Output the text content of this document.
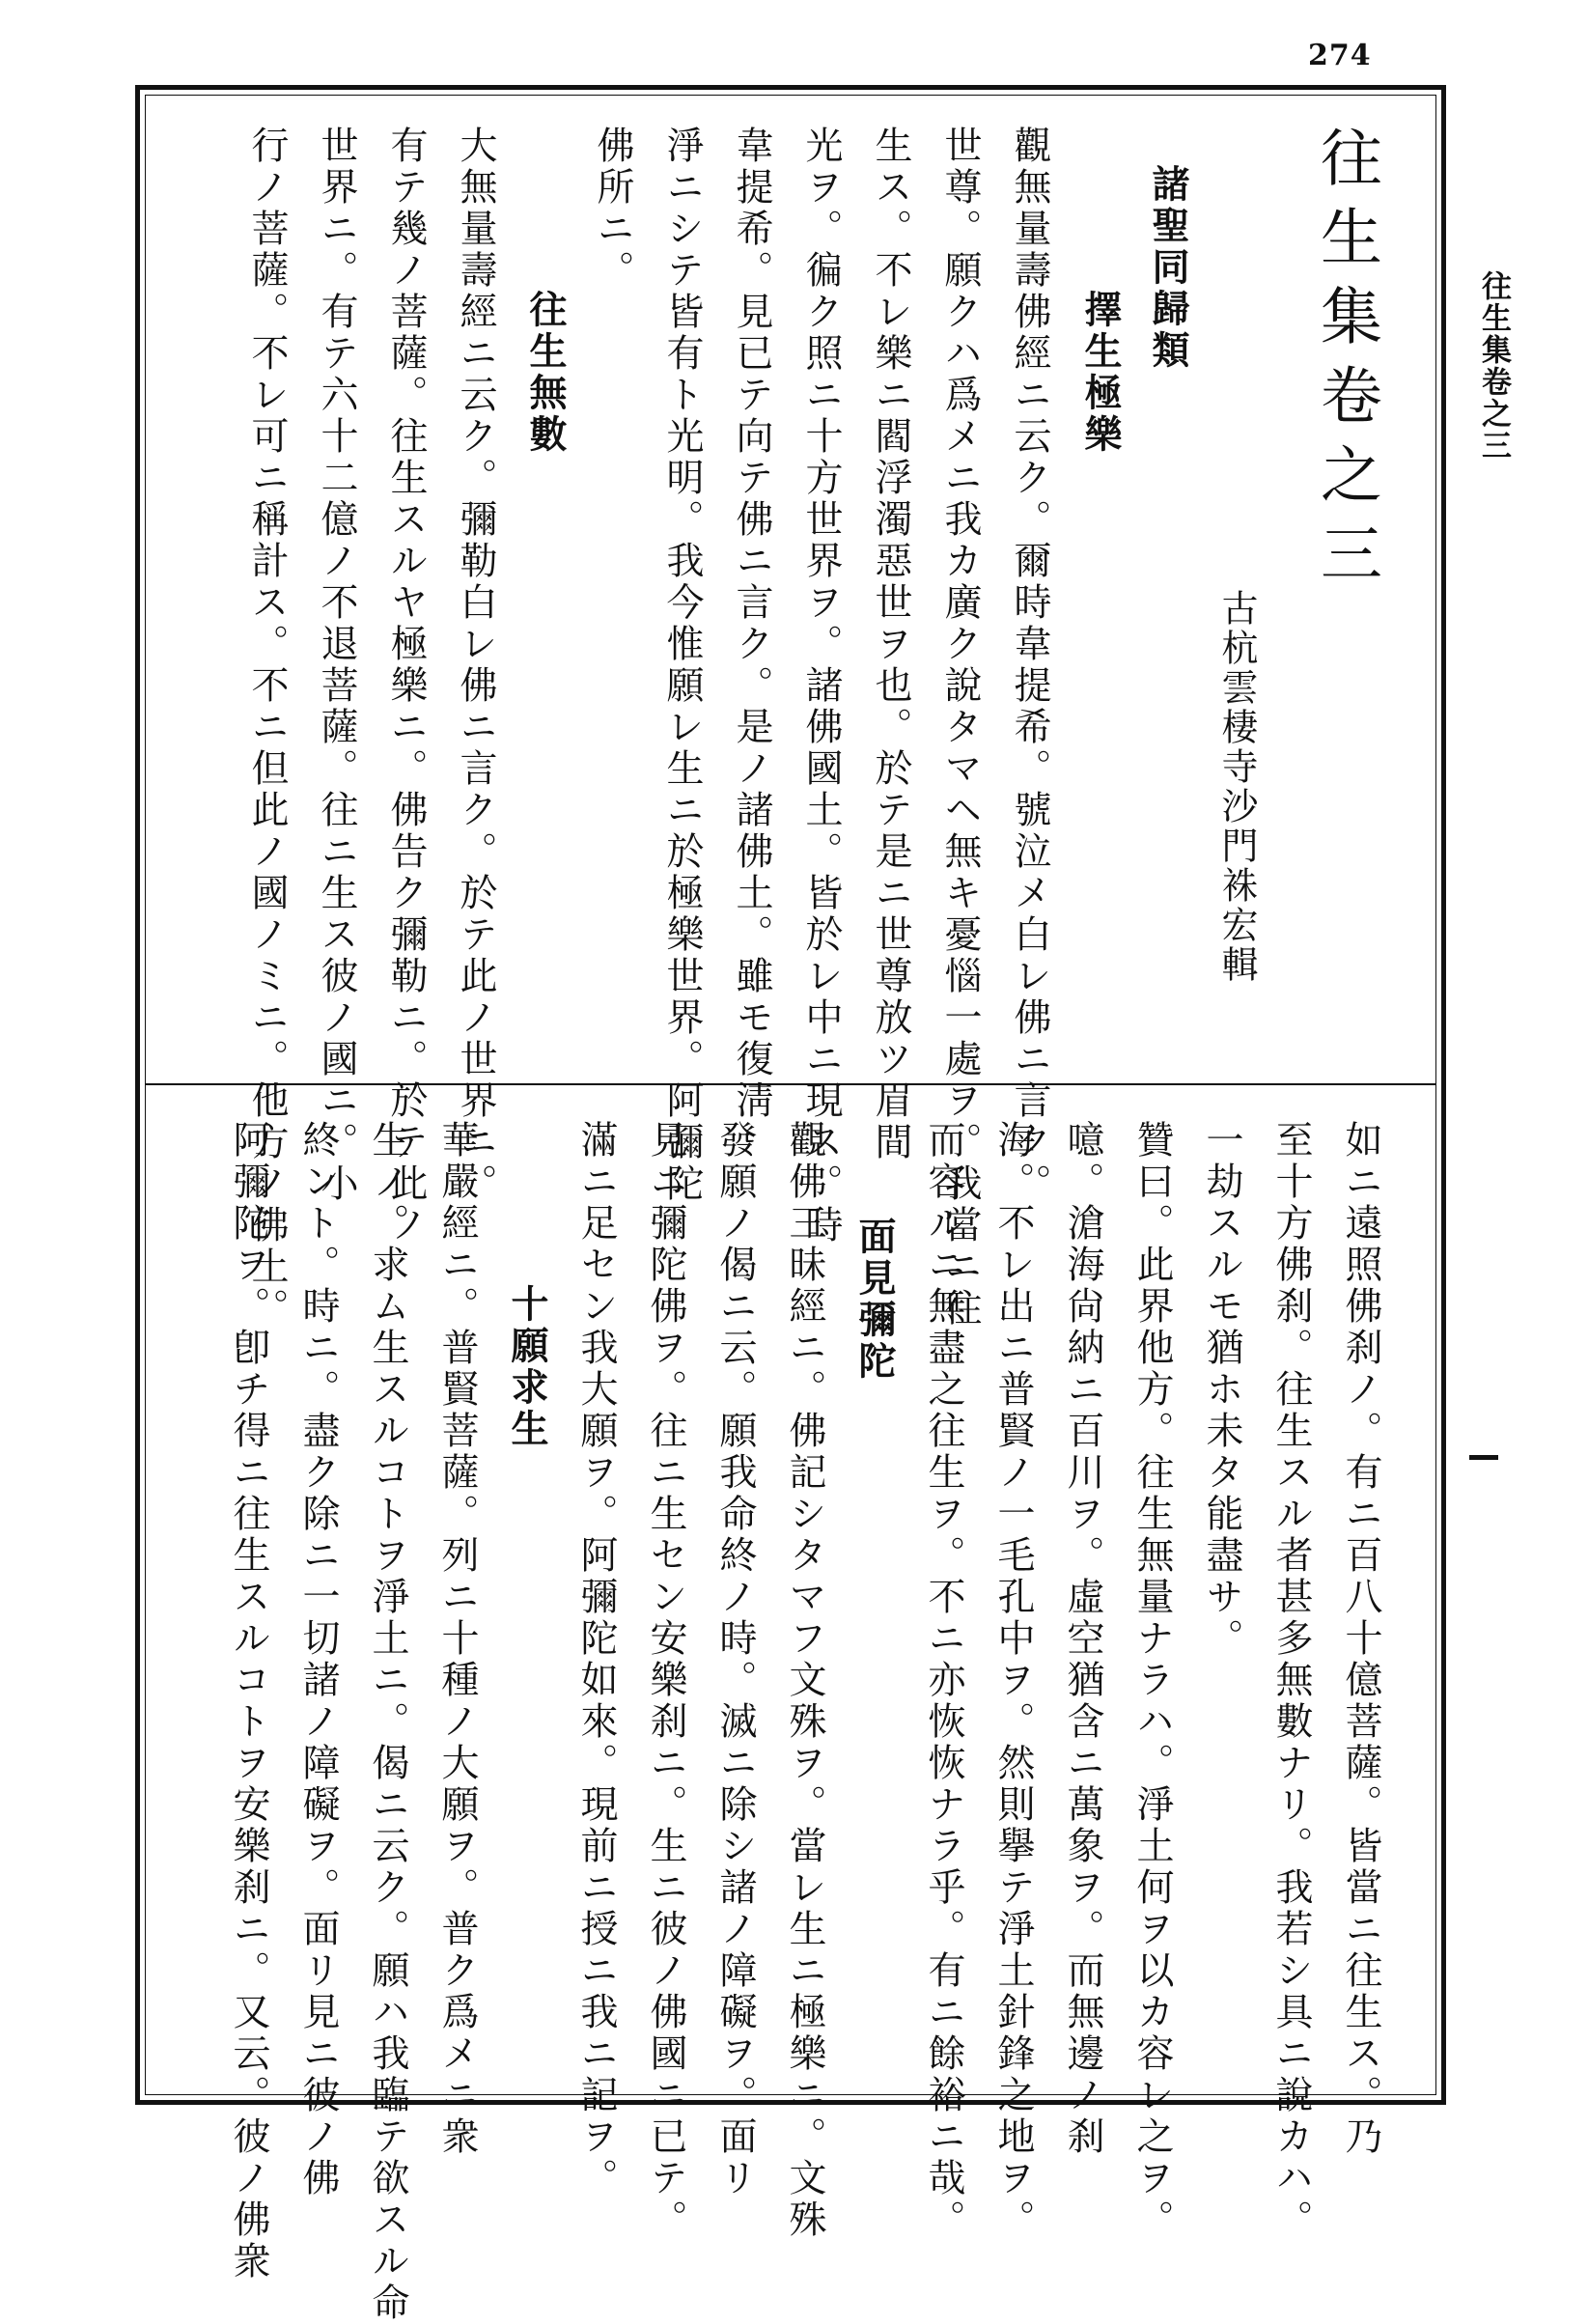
274
往生集卷之三
往生集卷之三
古杭雲棲寺沙門袾宏輯

諸聖同歸類

擇生極樂

觀無量壽佛經ニ云ク。爾時韋提希。號泣メ白レ佛ニ言ク。

世尊。願クハ爲メニ我カ廣ク說タマヘ無キ憂惱一處ヲ。我當ニ往

生ス。不レ樂ニ閻浮濁惡世ヲ也。於テ是ニ世尊放ツ眉間

光ヲ。徧ク照ニ十方世界ヲ。諸佛國土。皆於レ中ニ現ス。時

韋提希。見已テ向テ佛ニ言ク。是ノ諸佛土。雖モ復淸

淨ニシテ皆有ト光明。我今惟願レ生ニ於極樂世界。阿彌陀

佛所ニ。

往生無數

大無量壽經ニ云ク。彌勒白レ佛ニ言ク。於テ此ノ世界ニ。

有テ幾ノ菩薩。往生スルヤ極樂ニ。佛告ク彌勒ニ。於テ此ノ

世界ニ。有テ六十二億ノ不退菩薩。往ニ生ス彼ノ國ニ。小

行ノ菩薩。不レ可ニ稱計ス。不ニ但此ノ國ノミニ。他方ノ佛土。

如ニ遠照佛刹ノ。有ニ百八十億菩薩。皆當ニ往生ス。乃

至十方佛刹。往生スル者甚多無數ナリ。我若シ具ニ說カハ。

一劫スルモ猶ホ未タ能盡サ。

贊曰。此界他方。往生無量ナラハ。淨土何ヲ以カ容レ之ヲ。

噫。滄海尙納ニ百川ヲ。虛空猶含ニ萬象ヲ。而無邊ノ刹

海。不レ出ニ普賢ノ一毛孔中ヲ。然則擧テ淨土針鋒之地ヲ。

而容ルニ無盡之往生ヲ。不ニ亦恢恢ナラ乎。有ニ餘裕ニ哉。

面見彌陀

觀佛三昧經ニ。佛記シタマフ文殊ヲ。當レ生ニ極樂ニ。文殊

發願ノ偈ニ云。願我命終ノ時。滅ニ除シ諸ノ障礙ヲ。面リ

見ニ彌陀佛ヲ。往ニ生セン安樂刹ニ。生ニ彼ノ佛國ニ已テ。

滿ニ足セン我大願ヲ。阿彌陀如來。現前ニ授ニ我ニ記ヲ。

十願求生

華嚴經ニ。普賢菩薩。列ニ十種ノ大願ヲ。普ク爲メニ衆

生ノ。求ム生スルコトヲ淨土ニ。偈ニ云ク。願ハ我臨テ欲スル命

終ント。時ニ。盡ク除ニ一切諸ノ障礙ヲ。面リ見ニ彼ノ佛

阿彌陀ヲ。卽チ得ニ往生スルコトヲ安樂刹ニ。又云。彼ノ佛衆
